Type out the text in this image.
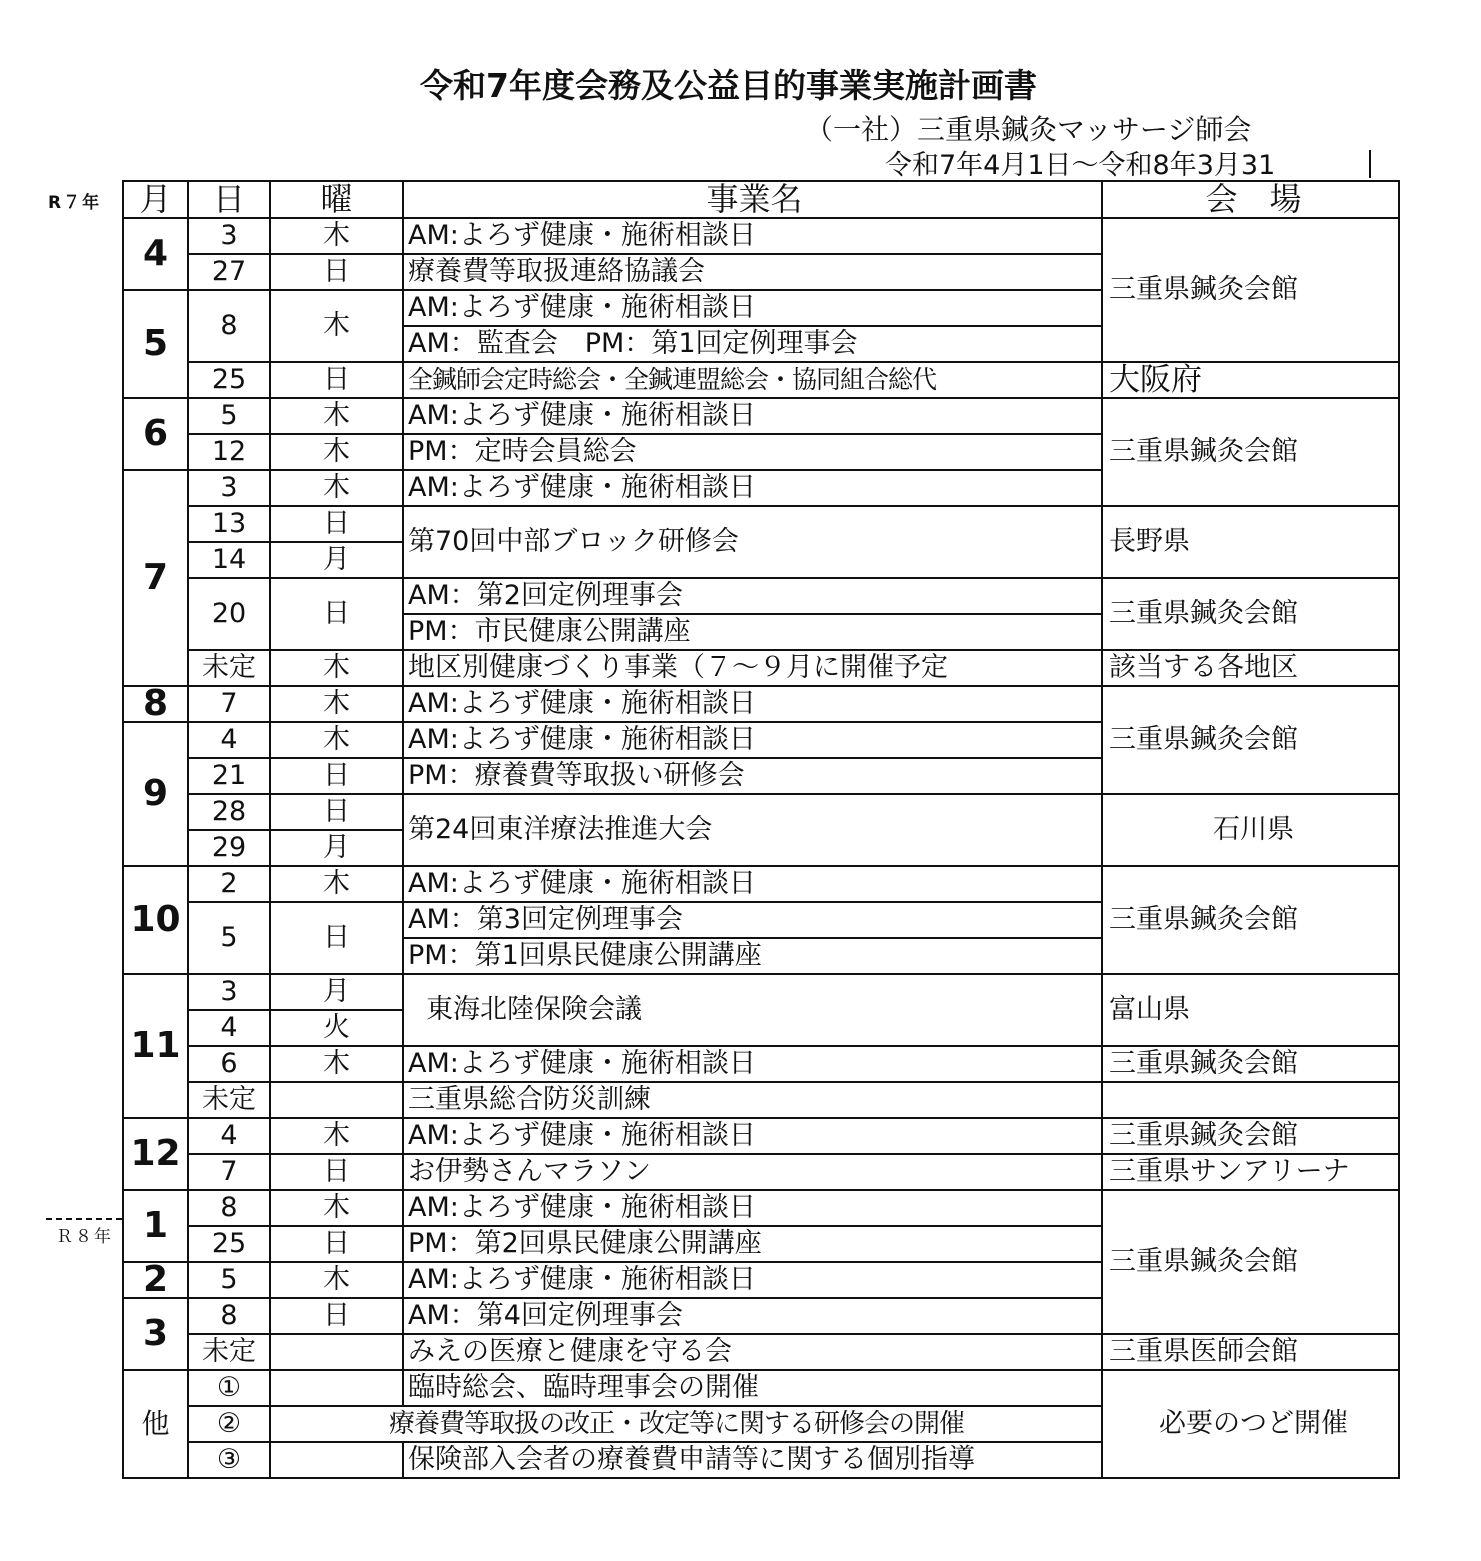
令和7年度会務及公益目的事業実施計画書
（一社）三重県鍼灸マッサージ師会
令和7年4月1日～令和8年3月31
R７年
Ｒ８年
月	日	曜	事業名	会　場
4	3	木	AM:よろず健康・施術相談日	三重県鍼灸会館
	27	日	療養費等取扱連絡協議会	
5	8	木	AM:よろず健康・施術相談日	
			AM：監査会　PM：第1回定例理事会	
	25	日	全鍼師会定時総会・全鍼連盟総会・協同組合総代	大阪府
6	5	木	AM:よろず健康・施術相談日	三重県鍼灸会館
	12	木	PM：定時会員総会	
7	3	木	AM:よろず健康・施術相談日	
	13	日	第70回中部ブロック研修会	長野県
	14	月		
	20	日	AM：第2回定例理事会	三重県鍼灸会館
			PM：市民健康公開講座	
	未定	木	地区別健康づくり事業（７～９月に開催予定	該当する各地区
8	7	木	AM:よろず健康・施術相談日	三重県鍼灸会館
9	4	木	AM:よろず健康・施術相談日	
	21	日	PM：療養費等取扱い研修会	
	28	日	第24回東洋療法推進大会	石川県
	29	月		
10	2	木	AM:よろず健康・施術相談日	三重県鍼灸会館
	5	日	AM：第3回定例理事会	
			PM：第1回県民健康公開講座	
11	3	月	東海北陸保険会議	富山県
	4	火		
	6	木	AM:よろず健康・施術相談日	三重県鍼灸会館
	未定		三重県総合防災訓練	
12	4	木	AM:よろず健康・施術相談日	三重県鍼灸会館
	7	日	お伊勢さんマラソン	三重県サンアリーナ
1	8	木	AM:よろず健康・施術相談日	三重県鍼灸会館
	25	日	PM：第2回県民健康公開講座	
2	5	木	AM:よろず健康・施術相談日	
3	8	日	AM：第4回定例理事会	
	未定		みえの医療と健康を守る会	三重県医師会館
他	①		臨時総会、臨時理事会の開催	必要のつど開催
	②	療養費等取扱の改正・改定等に関する研修会の開催		
	③		保険部入会者の療養費申請等に関する個別指導	
